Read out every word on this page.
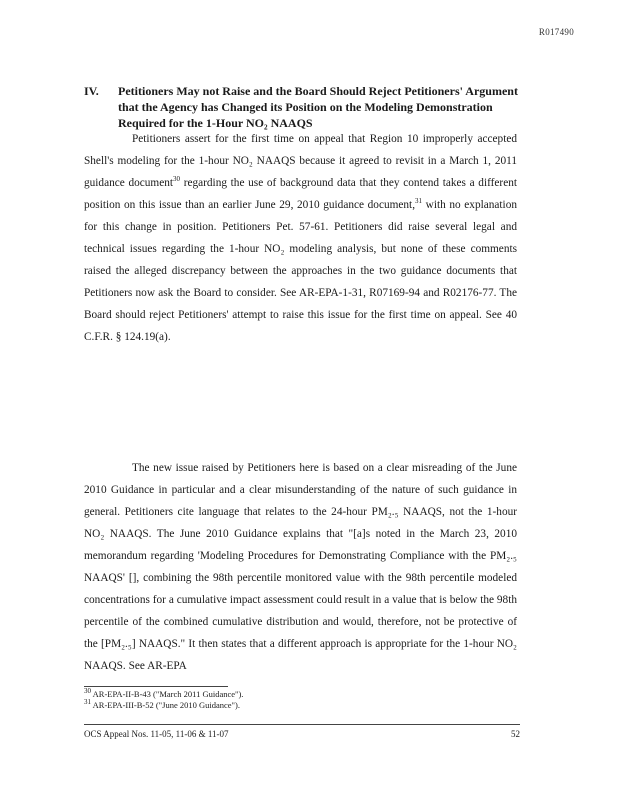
R017490
IV. Petitioners May not Raise and the Board Should Reject Petitioners' Argument that the Agency has Changed its Position on the Modeling Demonstration Required for the 1-Hour NO₂ NAAQS

Petitioners assert for the first time on appeal that Region 10 improperly accepted Shell's modeling for the 1-hour NO₂ NAAQS because it agreed to revisit in a March 1, 2011 guidance document$^{30}$ regarding the use of background data that they contend takes a different position on this issue than an earlier June 29, 2010 guidance document,$^{31}$ with no explanation for this change in position. Petitioners Pet. 57-61. Petitioners did raise several legal and technical issues regarding the 1-hour NO₂ modeling analysis, but none of these comments raised the alleged discrepancy between the approaches in the two guidance documents that Petitioners now ask the Board to consider. See AR-EPA-1-31, R07169-94 and R02176-77. The Board should reject Petitioners' attempt to raise this issue for the first time on appeal. See 40 C.F.R. § 124.19(a).

The new issue raised by Petitioners here is based on a clear misreading of the June 2010 Guidance in particular and a clear misunderstanding of the nature of such guidance in general. Petitioners cite language that relates to the 24-hour PM₂.₅ NAAQS, not the 1-hour NO₂ NAAQS. The June 2010 Guidance explains that "[a]s noted in the March 23, 2010 memorandum regarding 'Modeling Procedures for Demonstrating Compliance with the PM₂.₅ NAAQS' [], combining the 98th percentile monitored value with the 98th percentile modeled concentrations for a cumulative impact assessment could result in a value that is below the 98th percentile of the combined cumulative distribution and would, therefore, not be protective of the [PM₂.₅] NAAQS." It then states that a different approach is appropriate for the 1-hour NO₂ NAAQS. See AR-EPA

$^{30}$ AR-EPA-II-B-43 ("March 2011 Guidance").
$^{31}$ AR-EPA-III-B-52 ("June 2010 Guidance").
OCS Appeal Nos. 11-05, 11-06 & 11-07	52
